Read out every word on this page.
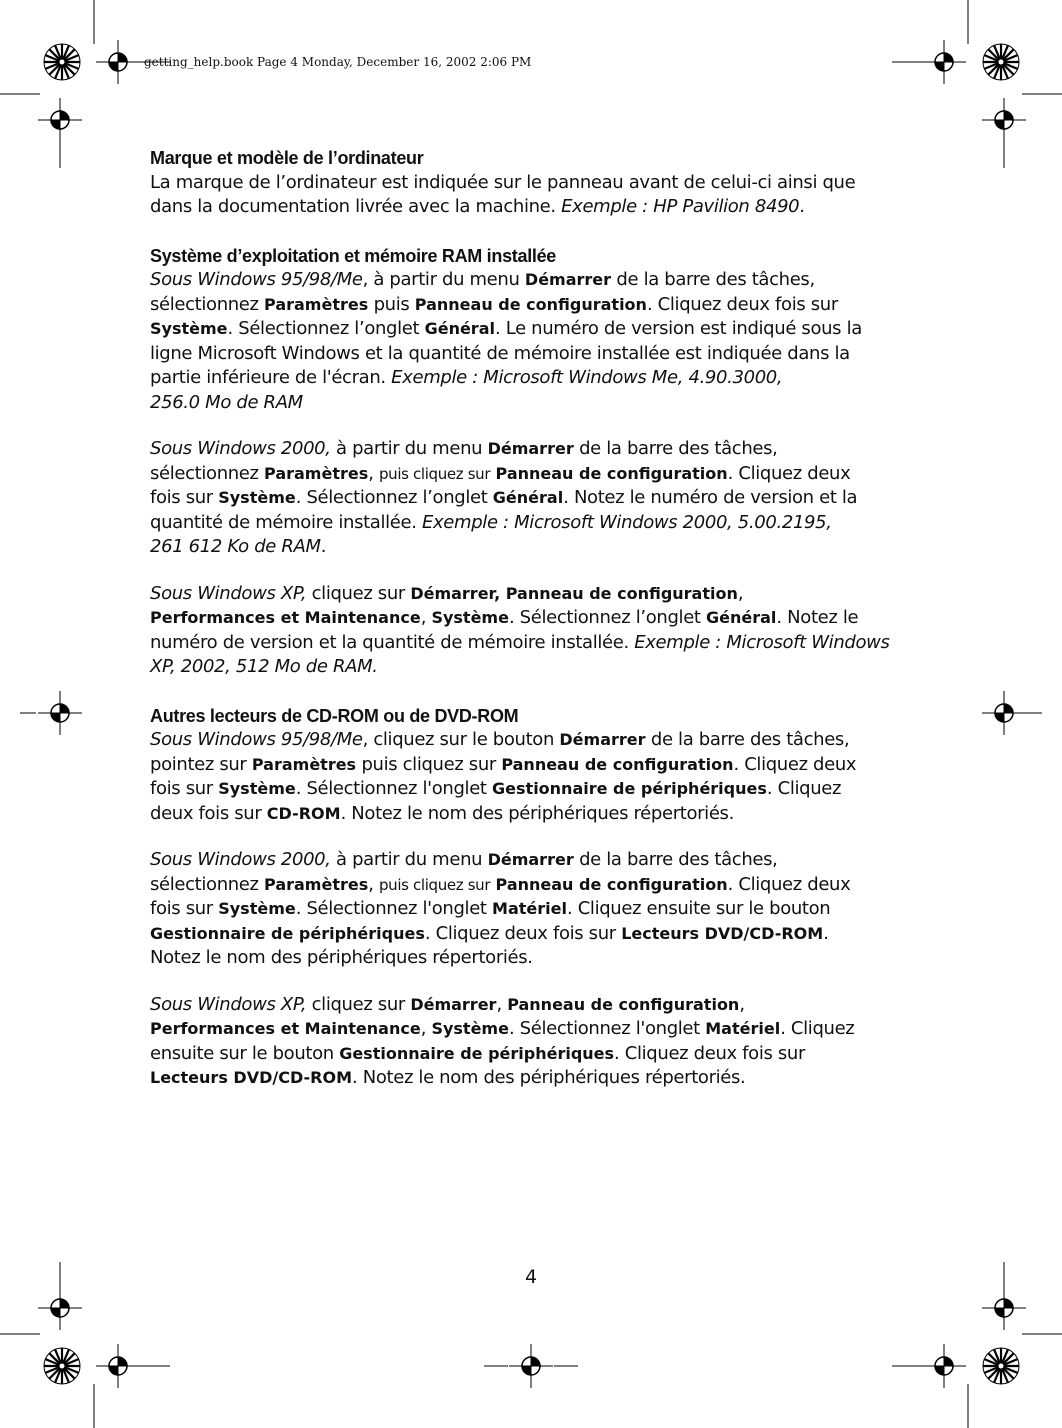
getting_help.book Page 4 Monday, December 16, 2002 2:06 PM
Marque et modèle de l’ordinateur
La marque de l’ordinateur est indiquée sur le panneau avant de celui-ci ainsi que
dans la documentation livrée avec la machine. Exemple : HP Pavilion 8490.
Système d’exploitation et mémoire RAM installée
Sous Windows 95/98/Me, à partir du menu Démarrer de la barre des tâches,
sélectionnez Paramètres puis Panneau de configuration. Cliquez deux fois sur
Système. Sélectionnez l’onglet Général. Le numéro de version est indiqué sous la
ligne Microsoft Windows et la quantité de mémoire installée est indiquée dans la
partie inférieure de l'écran. Exemple : Microsoft Windows Me, 4.90.3000,
256.0 Mo de RAM
Sous Windows 2000, à partir du menu Démarrer de la barre des tâches,
sélectionnez Paramètres, puis cliquez sur Panneau de configuration. Cliquez deux
fois sur Système. Sélectionnez l’onglet Général. Notez le numéro de version et la
quantité de mémoire installée. Exemple : Microsoft Windows 2000, 5.00.2195,
261 612 Ko de RAM.
Sous Windows XP, cliquez sur Démarrer, Panneau de configuration,
Performances et Maintenance, Système. Sélectionnez l’onglet Général. Notez le
numéro de version et la quantité de mémoire installée. Exemple : Microsoft Windows
XP, 2002, 512 Mo de RAM.
Autres lecteurs de CD-ROM ou de DVD-ROM
Sous Windows 95/98/Me, cliquez sur le bouton Démarrer de la barre des tâches,
pointez sur Paramètres puis cliquez sur Panneau de configuration. Cliquez deux
fois sur Système. Sélectionnez l'onglet Gestionnaire de périphériques. Cliquez
deux fois sur CD-ROM. Notez le nom des périphériques répertoriés.
Sous Windows 2000, à partir du menu Démarrer de la barre des tâches,
sélectionnez Paramètres, puis cliquez sur Panneau de configuration. Cliquez deux
fois sur Système. Sélectionnez l'onglet Matériel. Cliquez ensuite sur le bouton
Gestionnaire de périphériques. Cliquez deux fois sur Lecteurs DVD/CD-ROM.
Notez le nom des périphériques répertoriés.
Sous Windows XP, cliquez sur Démarrer, Panneau de configuration,
Performances et Maintenance, Système. Sélectionnez l'onglet Matériel. Cliquez
ensuite sur le bouton Gestionnaire de périphériques. Cliquez deux fois sur
Lecteurs DVD/CD-ROM. Notez le nom des périphériques répertoriés.
4
